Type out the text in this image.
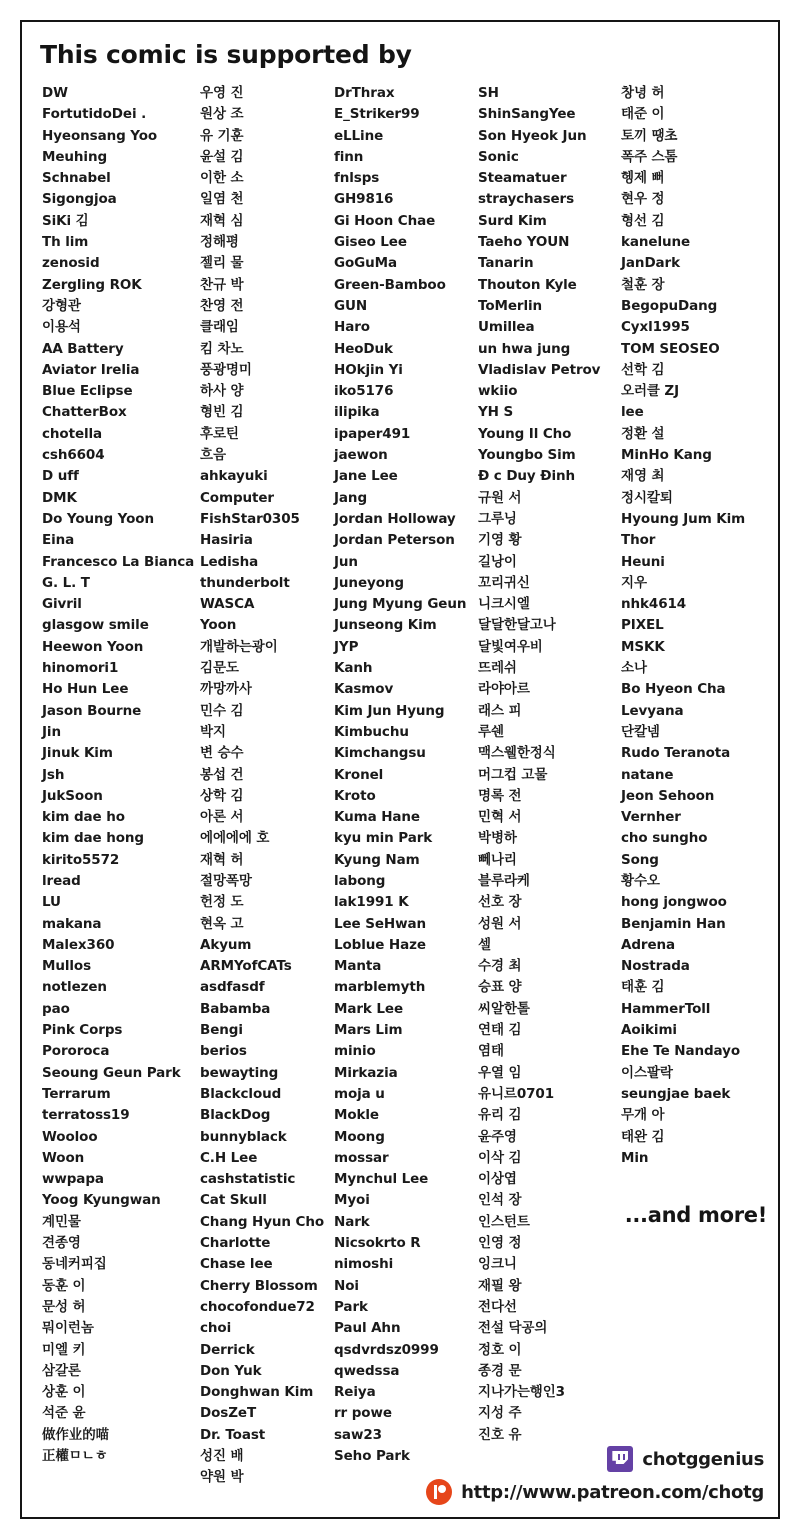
This comic is supported by
DW
FortutidoDei .
Hyeonsang Yoo
Meuhing
Schnabel
Sigongjoa
SiKi 김
Th lim
zenosid
Zergling ROK
강형관
이용석
AA Battery
Aviator Irelia
Blue Eclipse
ChatterBox
chotella
csh6604
D uff
DMK
Do Young Yoon
Eina
Francesco La Bianca
G. L. T
Givril
glasgow smile
Heewon Yoon
hinomori1
Ho Hun Lee
Jason Bourne
Jin
Jinuk Kim
Jsh
JukSoon
kim dae ho
kim dae hong
kirito5572
lread
LU
makana
Malex360
Mullos
notlezen
pao
Pink Corps
Pororoca
Seoung Geun Park
Terrarum
terratoss19
Wooloo
Woon
wwpapa
Yoog Kyungwan
계민물
견종영
동네커피집
동훈 이
문성 허
뭐이런놈
미엘 키
삼갈론
상훈 이
석준 윤
做作业的喵
正權ㅁㄴㅎ
우영 진
원상 조
유 기훈
윤설 김
이한 소
일염 천
재혁 심
정해평
젤리 물
찬규 박
찬영 전
클래임
킴 차노
풍광명미
하사 양
형빈 김
후로틴
흐음
ahkayuki
Computer
FishStar0305
Hasiria
Ledisha
thunderbolt
WASCA
Yoon
개발하는광이
김문도
까망까사
민수 김
박지
변 승수
봉섭 건
상학 김
아론 서
에에에에 호
재혁 허
절망폭망
헌정 도
현옥 고
Akyum
ARMYofCATs
asdfasdf
Babamba
Bengi
berios
bewayting
Blackcloud
BlackDog
bunnyblack
C.H Lee
cashstatistic
Cat Skull
Chang Hyun Cho
Charlotte
Chase lee
Cherry Blossom
chocofondue72
choi
Derrick
Don Yuk
Donghwan Kim
DosZeT
Dr. Toast
성진 배
약원 박
DrThrax
E_Striker99
eLLine
finn
fnlsps
GH9816
Gi Hoon Chae
Giseo Lee
GoGuMa
Green-Bamboo
GUN
Haro
HeoDuk
HOkjin Yi
iko5176
ilipika
ipaper491
jaewon
Jane Lee
Jang
Jordan Holloway
Jordan Peterson
Jun
Juneyong
Jung Myung Geun
Junseong Kim
JYP
Kanh
Kasmov
Kim Jun Hyung
Kimbuchu
Kimchangsu
Kronel
Kroto
Kuma Hane
kyu min Park
Kyung Nam
labong
lak1991 K
Lee SeHwan
Loblue Haze
Manta
marblemyth
Mark Lee
Mars Lim
minio
Mirkazia
moja u
Mokle
Moong
mossar
Mynchul Lee
Myoi
Nark
Nicsokrto R
nimoshi
Noi
Park
Paul Ahn
qsdvrdsz0999
qwedssa
Reiya
rr powe
saw23
Seho Park
SH
ShinSangYee
Son Hyeok Jun
Sonic
Steamatuer
straychasers
Surd Kim
Taeho YOUN
Tanarin
Thouton Kyle
ToMerlin
Umillea
un hwa jung
Vladislav Petrov
wkiio
YH S
Young Il Cho
Youngbo Sim
Đ c Duy Đinh
규원 서
그루닝
기영 황
길낭이
꼬리귀신
니크시엘
달달한달고나
달빛여우비
뜨레쉬
라야아르
래스 피
루쉔
맥스웰한정식
머그컵 고물
명록 전
민혁 서
박병하
뻬나리
블루라케
선호 장
성원 서
셀
수경 최
승표 양
씨알한톨
연태 김
염태
우열 임
유니르0701
유리 김
윤주영
이삭 김
이상엽
인석 장
인스턴트
인영 정
잉크니
재필 왕
전다선
전설 닥공의
정호 이
종경 문
지나가는행인3
지성 주
진호 유
창녕 허
태준 이
토끼 땡초
폭주 스톰
헹제 뻐
현우 정
형선 김
kanelune
JanDark
철훈 장
BegopuDang
Cyxl1995
TOM SEOSEO
선학 김
오러클 ZJ
lee
정환 설
MinHo Kang
재영 최
정시칼퇴
Hyoung Jum Kim
Thor
Heuni
지우
nhk4614
PIXEL
MSKK
소나
Bo Hyeon Cha
Levyana
단칼넴
Rudo Teranota
natane
Jeon Sehoon
Vernher
cho sungho
Song
황수오
hong jongwoo
Benjamin Han
Adrena
Nostrada
태훈 김
HammerToll
Aoikimi
Ehe Te Nandayo
이스팔락
seungjae baek
무개 아
태완 김
Min
...and more!
chotggenius
http://www.patreon.com/chotg
